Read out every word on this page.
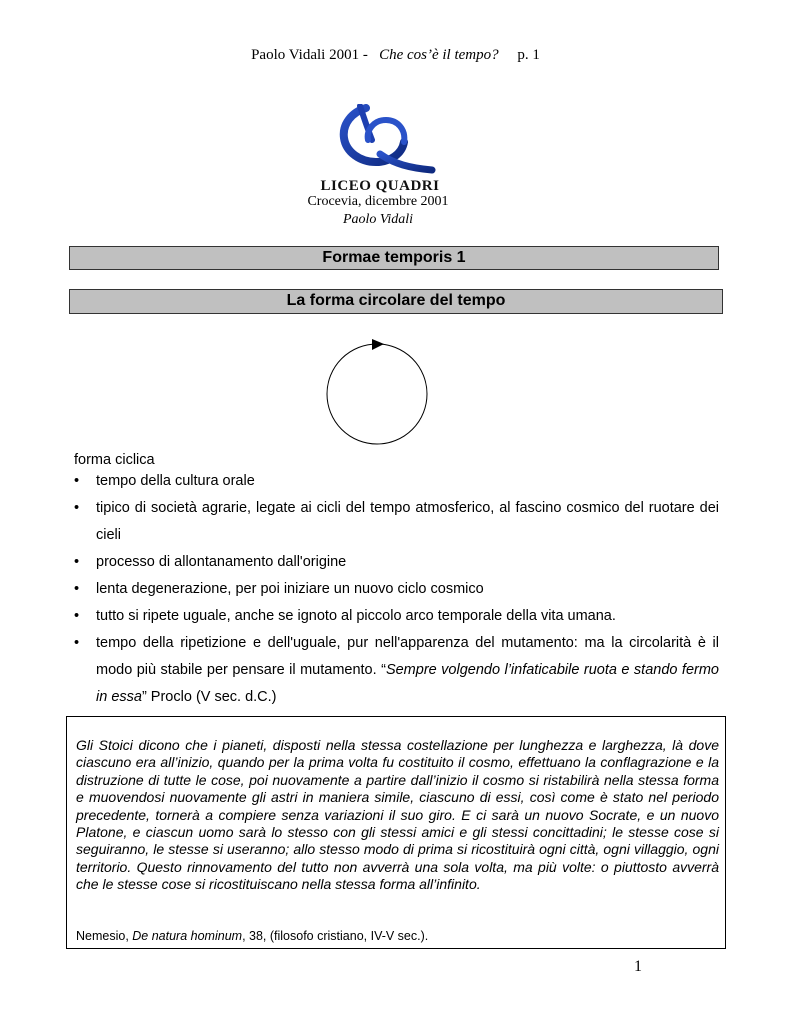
Paolo Vidali 2001 - Che cos’è il tempo? p. 1
LICEO QUADRI
Crocevia, dicembre 2001
Paolo Vidali
Formae temporis 1
La forma circolare del tempo
forma ciclica
• tempo della cultura orale
• tipico di società agrarie, legate ai cicli del tempo atmosferico, al fascino cosmico del ruotare dei cieli
• processo di allontanamento dall'origine
• lenta degenerazione, per poi iniziare un nuovo ciclo cosmico
• tutto si ripete uguale, anche se ignoto al piccolo arco temporale della vita umana.
• tempo della ripetizione e dell'uguale, pur nell'apparenza del mutamento: ma la circolarità è il modo più stabile per pensare il mutamento. “Sempre volgendo l’infaticabile ruota e stando fermo in essa” Proclo (V sec. d.C.)

Gli Stoici dicono che i pianeti, disposti nella stessa costellazione per lunghezza e larghezza, là dove ciascuno era all’inizio, quando per la prima volta fu costituito il cosmo, effettuano la conflagrazione e la distruzione di tutte le cose, poi nuovamente a partire dall’inizio il cosmo si ristabilirà nella stessa forma e muovendosi nuovamente gli astri in maniera simile, ciascuno di essi, così come è stato nel periodo precedente, tornerà a compiere senza variazioni il suo giro. E ci sarà un nuovo Socrate, e un nuovo Platone, e ciascun uomo sarà lo stesso con gli stessi amici e gli stessi concittadini; le stesse cose si seguiranno, le stesse si useranno; allo stesso modo di prima si ricostituirà ogni città, ogni villaggio, ogni territorio. Questo rinnovamento del tutto non avverrà una sola volta, ma più volte: o piuttosto avverrà che le stesse cose si ricostituiscano nella stessa forma all’infinito.

Nemesio, De natura hominum, 38, (filosofo cristiano, IV-V sec.).

1
